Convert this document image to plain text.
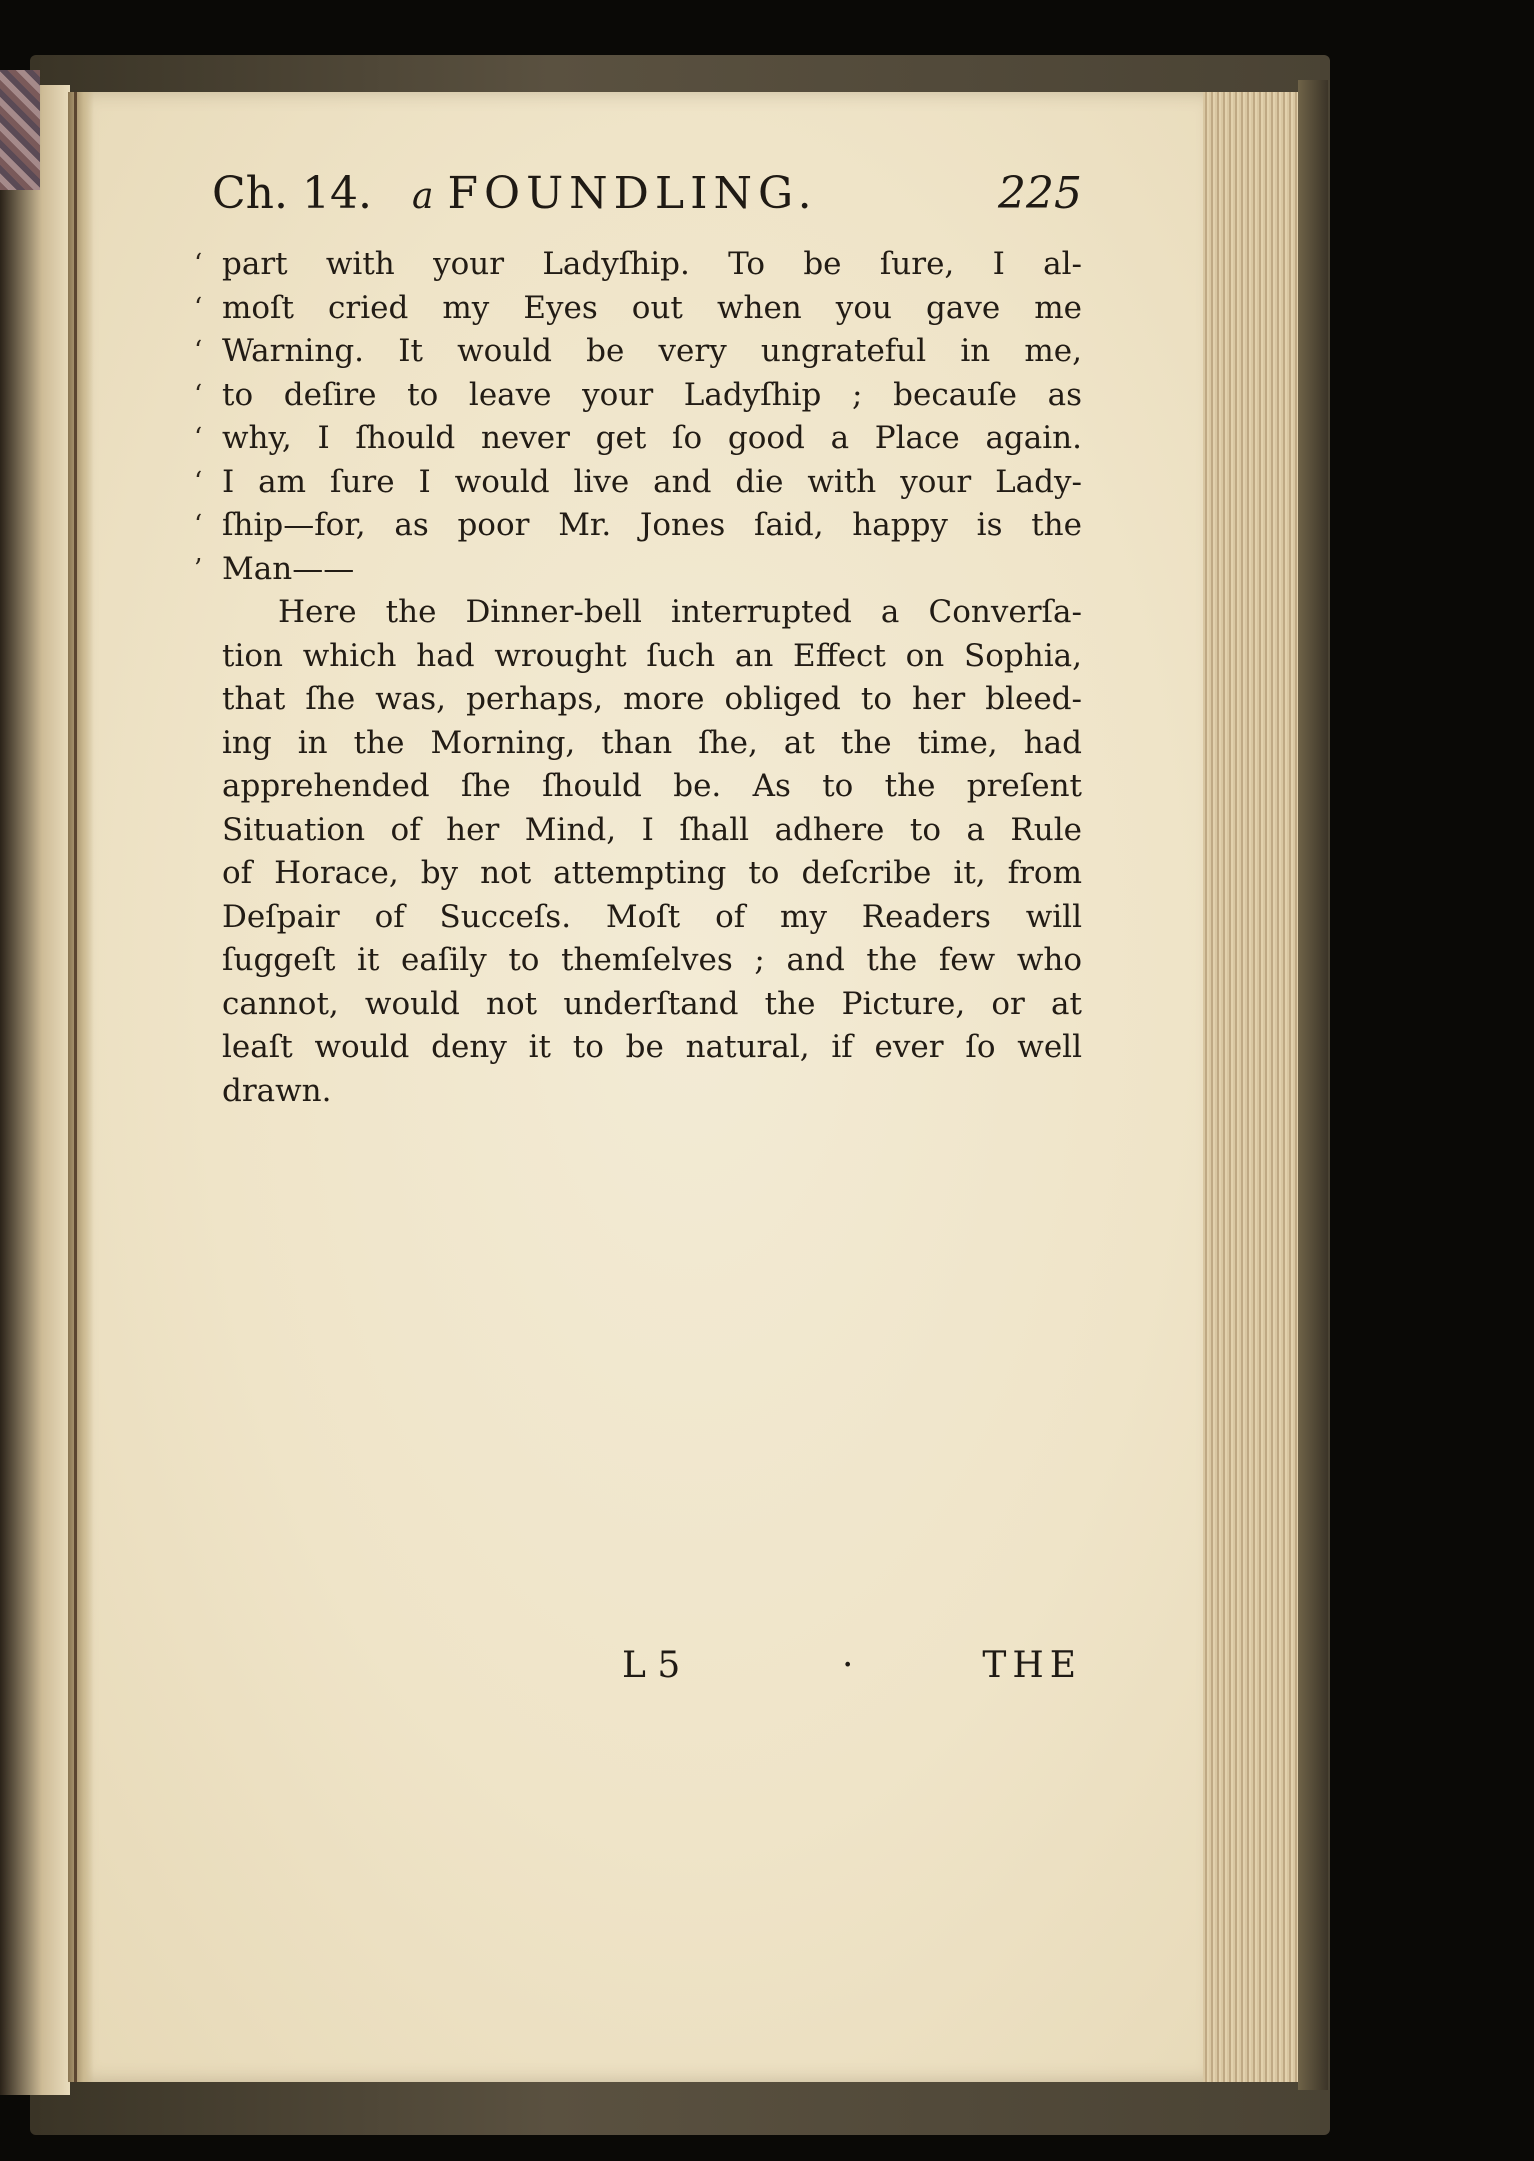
Ch. 14. a FOUNDLING.	225
‘ part with your Ladyſhip. To be ſure, I al-
‘ moſt cried my Eyes out when you gave me
‘ Warning. It would be very ungrateful in me,
‘ to deſire to leave your Ladyſhip ; becauſe as
‘ why, I ſhould never get ſo good a Place again.
‘ I am ſure I would live and die with your Lady-
‘ ſhip—for, as poor Mr. Jones ſaid, happy is the
’ Man——
Here the Dinner-bell interrupted a Converſa-
tion which had wrought ſuch an Effect on Sophia,
that ſhe was, perhaps, more obliged to her bleed-
ing in the Morning, than ſhe, at the time, had
apprehended ſhe ſhould be. As to the preſent
Situation of her Mind, I ſhall adhere to a Rule
of Horace, by not attempting to deſcribe it, from
Deſpair of Succeſs. Moſt of my Readers will
ſuggeſt it eaſily to themſelves ; and the few who
cannot, would not underſtand the Picture, or at
leaſt would deny it to be natural, if ever ſo well
drawn.
L 5	·	THE
